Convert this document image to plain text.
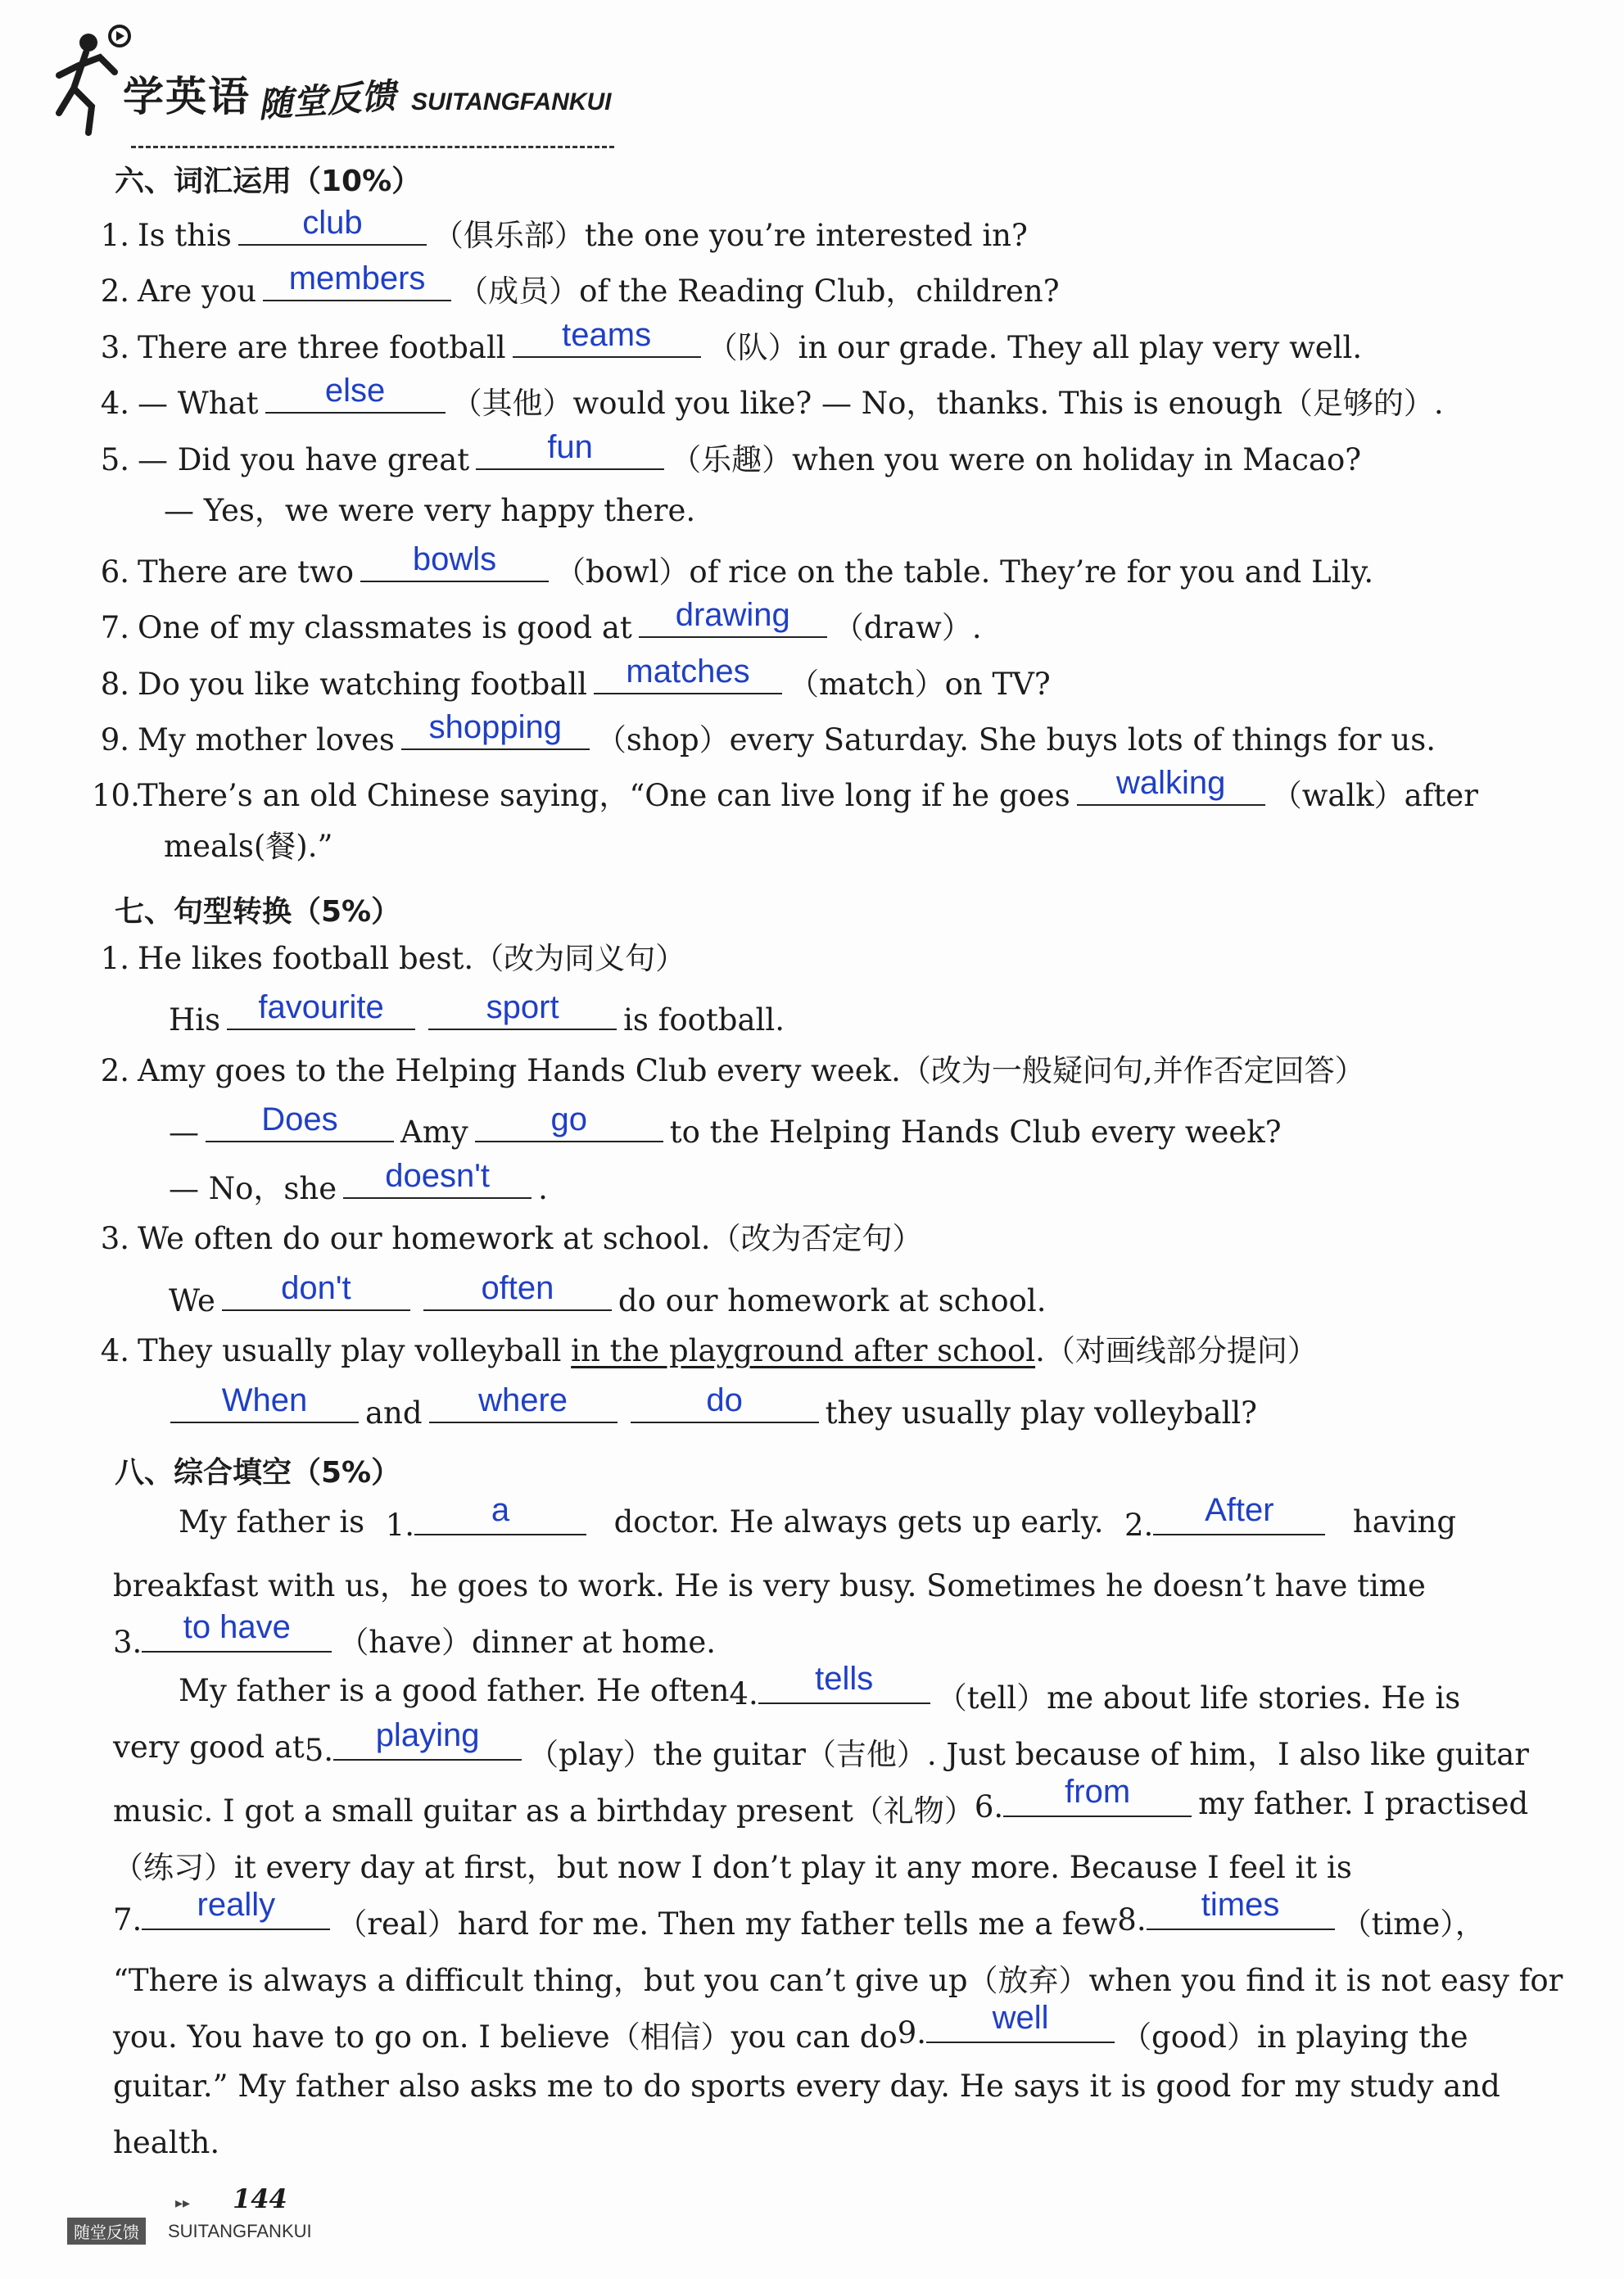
学英语 随堂反馈 SUITANGFANKUI
六、词汇运用（10%）
1. Is this	club	（俱乐部）the one you’re interested in?
2. Are you members	（成员）of the Reading Club，children?
3. There are three football	teams	（队）in our grade. They all play very well.
4. — What	else	（其他）would you like? — No，thanks. This is enough（足够的）.
5. — Did you have great	fun	（乐趣）when you were on holiday in Macao?
— Yes，we were very happy there.
6. There are two	bowls	（bowl）of rice on the table. They’re for you and Lily.
7. One of my classmates is good at	drawing	（draw）.
8. Do you like watching football	matches	（match）on TV?
9. My mother loves	shopping	（shop）every Saturday. She buys lots of things for us.
10.There’s an old Chinese saying，“One can live long if he goes	walking	（walk）after
meals(餐).”
七、句型转换（5%）
1. He likes football best.（改为同义句）
His	favourite	sport	is football.
2. Amy goes to the Helping Hands Club every week.（改为一般疑问句,并作否定回答）
—	Does	Amy	go	to the Helping Hands Club every week?
— No，she	doesn't	.
3. We often do our homework at school.（改为否定句）
We	don't	often	do our homework at school.
4. They usually play volleyball in the playground after school.（对画线部分提问）
When	and	where	do	they usually play volleyball?
八、综合填空（5%）
My father is 1.	a	doctor. He always gets up early. 2.	After	having
breakfast with us，he goes to work. He is very busy. Sometimes he doesn’t have time
3.	to have	（have）dinner at home.
My father is a good father. He often 4.	tells
（tell）me about life stories. He is
very good at 5.	playing
（play）the guitar（吉他）. Just because of him，I also like guitar
music. I got a small guitar as a birthday present（礼物） 6.	from	my father. I practised
（练习）it every day at first，but now I don’t play it any more. Because I feel it is
7.	really
（real）hard for me. Then my father tells me a few 8.	times
（time），
“There is always a difficult thing，but you can’t give up（放弃）when you find it is not easy for
you. You have to go on. I believe（相信）you can do 9.	well
（good）in playing the
guitar.” My father also asks me to do sports every day. He says it is good for my study and
health.
▸▸ 144
随堂反馈	SUITANGFANKUI
